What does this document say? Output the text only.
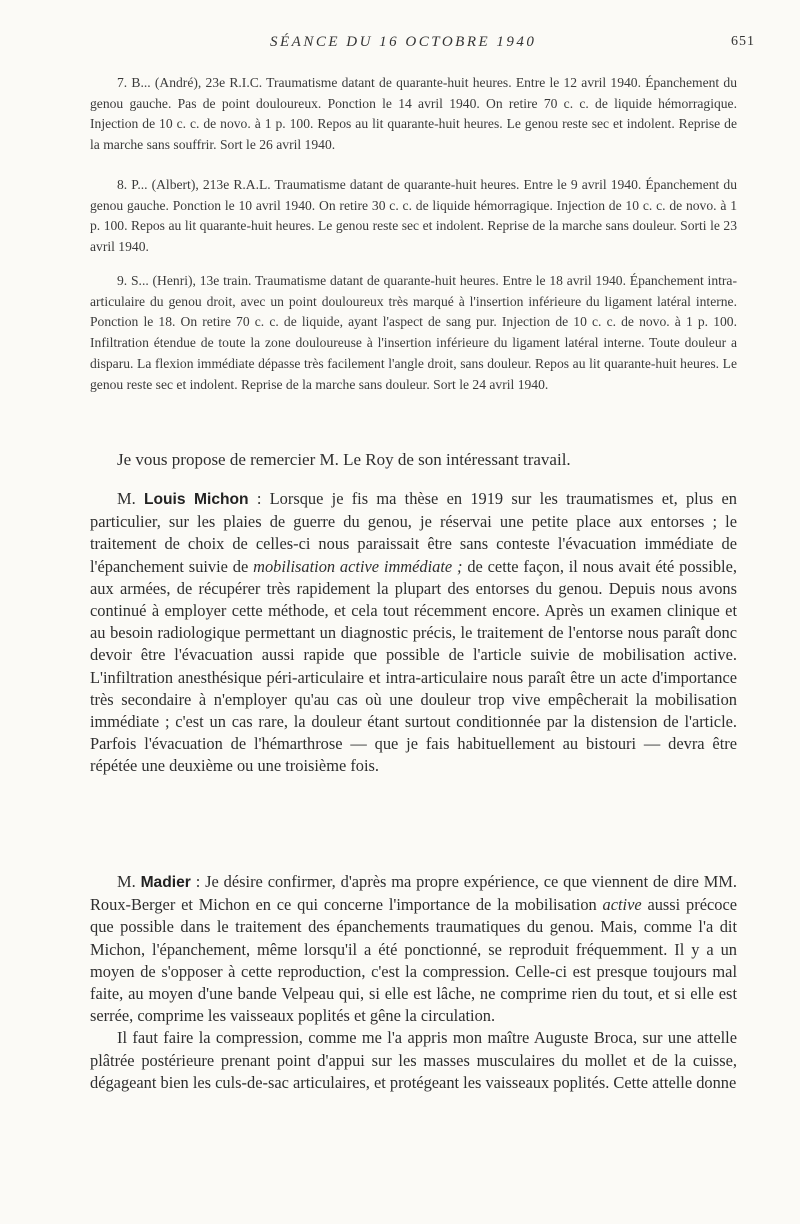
SÉANCE DU 16 OCTOBRE 1940	651

7. B... (André), 23e R.I.C. Traumatisme datant de quarante-huit heures. Entre le 12 avril 1940. Épanchement du genou gauche. Pas de point douloureux. Ponction le 14 avril 1940. On retire 70 c. c. de liquide hémorragique. Injection de 10 c. c. de novo. à 1 p. 100. Repos au lit quarante-huit heures. Le genou reste sec et indolent. Reprise de la marche sans souffrir. Sort le 26 avril 1940.

8. P... (Albert), 213e R.A.L. Traumatisme datant de quarante-huit heures. Entre le 9 avril 1940. Épanchement du genou gauche. Ponction le 10 avril 1940. On retire 30 c. c. de liquide hémorragique. Injection de 10 c. c. de novo. à 1 p. 100. Repos au lit quarante-huit heures. Le genou reste sec et indolent. Reprise de la marche sans douleur. Sorti le 23 avril 1940.

9. S... (Henri), 13e train. Traumatisme datant de quarante-huit heures. Entre le 18 avril 1940. Épanchement intra-articulaire du genou droit, avec un point douloureux très marqué à l'insertion inférieure du ligament latéral interne. Ponction le 18. On retire 70 c. c. de liquide, ayant l'aspect de sang pur. Injection de 10 c. c. de novo. à 1 p. 100. Infiltration étendue de toute la zone douloureuse à l'insertion inférieure du ligament latéral interne. Toute douleur a disparu. La flexion immédiate dépasse très facilement l'angle droit, sans douleur. Repos au lit quarante-huit heures. Le genou reste sec et indolent. Reprise de la marche sans douleur. Sort le 24 avril 1940.

Je vous propose de remercier M. Le Roy de son intéressant travail.

M. Louis Michon : Lorsque je fis ma thèse en 1919 sur les traumatismes et, plus en particulier, sur les plaies de guerre du genou, je réservai une petite place aux entorses ; le traitement de choix de celles-ci nous paraissait être sans conteste l'évacuation immédiate de l'épanchement suivie de mobilisation active immédiate ; de cette façon, il nous avait été possible, aux armées, de récupérer très rapidement la plupart des entorses du genou. Depuis nous avons continué à employer cette méthode, et cela tout récemment encore. Après un examen clinique et au besoin radiologique permettant un diagnostic précis, le traitement de l'entorse nous paraît donc devoir être l'évacuation aussi rapide que possible de l'article suivie de mobilisation active. L'infiltration anesthésique péri-articulaire et intra-articulaire nous paraît être un acte d'importance très secondaire à n'employer qu'au cas où une douleur trop vive empêcherait la mobilisation immédiate ; c'est un cas rare, la douleur étant surtout conditionnée par la distension de l'article. Parfois l'évacuation de l'hémarthrose — que je fais habituellement au bistouri — devra être répétée une deuxième ou une troisième fois.

M. Madier : Je désire confirmer, d'après ma propre expérience, ce que viennent de dire MM. Roux-Berger et Michon en ce qui concerne l'importance de la mobilisation active aussi précoce que possible dans le traitement des épanchements traumatiques du genou. Mais, comme l'a dit Michon, l'épanchement, même lorsqu'il a été ponctionné, se reproduit fréquemment. Il y a un moyen de s'opposer à cette reproduction, c'est la compression. Celle-ci est presque toujours mal faite, au moyen d'une bande Velpeau qui, si elle est lâche, ne comprime rien du tout, et si elle est serrée, comprime les vaisseaux poplités et gêne la circulation.

Il faut faire la compression, comme me l'a appris mon maître Auguste Broca, sur une attelle plâtrée postérieure prenant point d'appui sur les masses musculaires du mollet et de la cuisse, dégageant bien les culs-de-sac articulaires, et protégeant les vaisseaux poplités. Cette attelle donne
